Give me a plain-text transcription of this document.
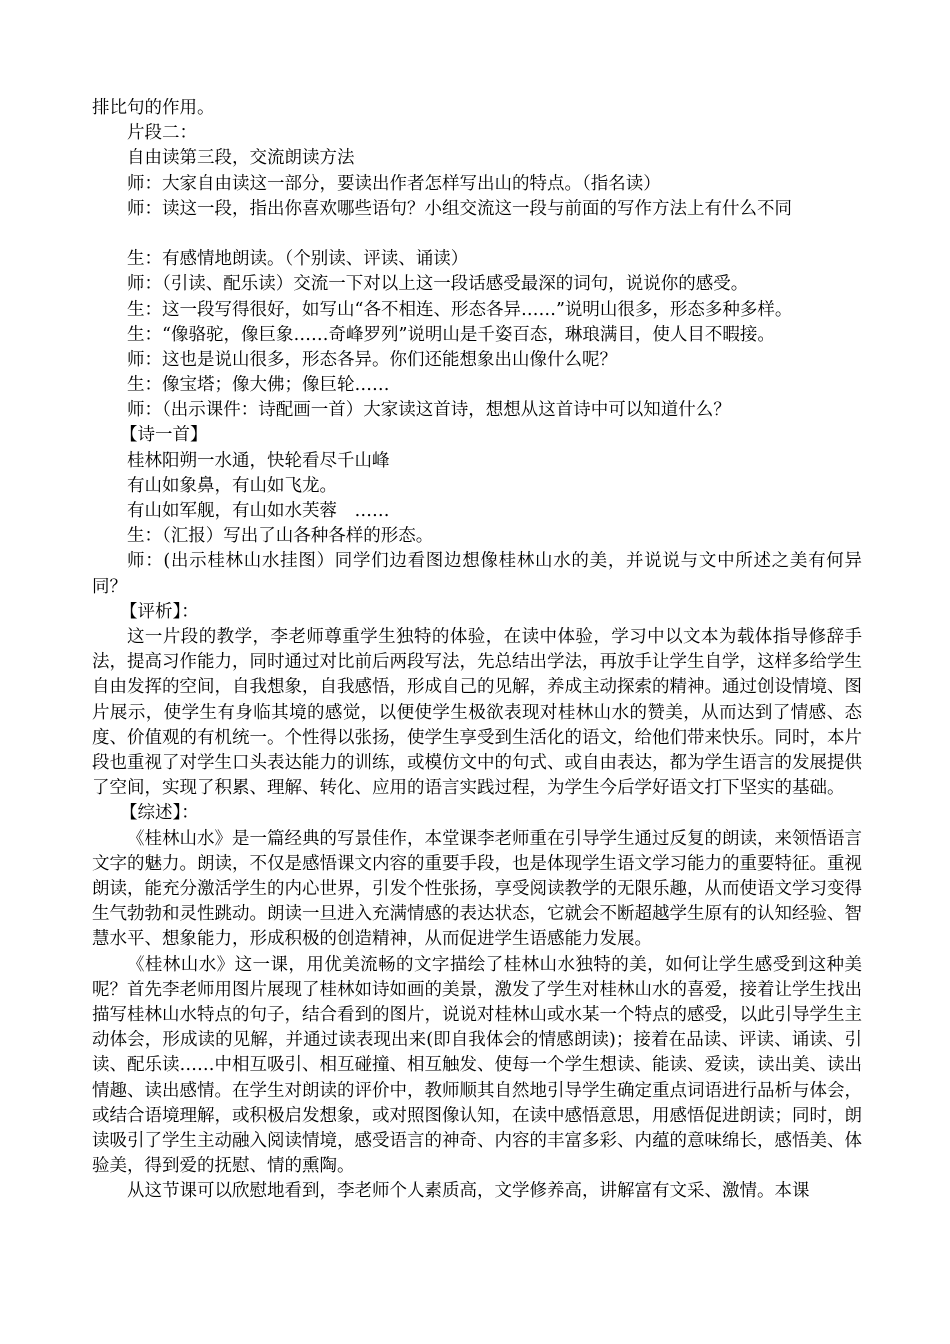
排比句的作用。
片段二：
自由读第三段，交流朗读方法
师：大家自由读这一部分，要读出作者怎样写出山的特点。（指名读）
师：读这一段，指出你喜欢哪些语句？小组交流这一段与前面的写作方法上有什么不同
生：有感情地朗读。（个别读、评读、诵读）
师：（引读、配乐读）交流一下对以上这一段话感受最深的词句，说说你的感受。
生：这一段写得很好，如写山“各不相连、形态各异……”说明山很多，形态多种多样。
生：“像骆驼，像巨象……奇峰罗列”说明山是千姿百态，琳琅满目，使人目不暇接。
师：这也是说山很多，形态各异。你们还能想象出山像什么呢？
生：像宝塔；像大佛；像巨轮……
师：（出示课件：诗配画一首）大家读这首诗，想想从这首诗中可以知道什么？
【诗一首】
桂林阳朔一水通，快轮看尽千山峰
有山如象鼻，有山如飞龙。
有山如军舰，有山如水芙蓉　……
生：（汇报）写出了山各种各样的形态。
师：(出示桂林山水挂图）同学们边看图边想像桂林山水的美，并说说与文中所述之美有何异同？
【评析】：
这一片段的教学，李老师尊重学生独特的体验，在读中体验，学习中以文本为载体指导修辞手法，提高习作能力，同时通过对比前后两段写法，先总结出学法，再放手让学生自学，这样多给学生自由发挥的空间，自我想象，自我感悟，形成自己的见解，养成主动探索的精神。通过创设情境、图片展示，使学生有身临其境的感觉，以便使学生极欲表现对桂林山水的赞美，从而达到了情感、态度、价值观的有机统一。个性得以张扬，使学生享受到生活化的语文，给他们带来快乐。同时，本片段也重视了对学生口头表达能力的训练，或模仿文中的句式、或自由表达，都为学生语言的发展提供了空间，实现了积累、理解、转化、应用的语言实践过程，为学生今后学好语文打下坚实的基础。
【综述】：
《桂林山水》是一篇经典的写景佳作，本堂课李老师重在引导学生通过反复的朗读，来领悟语言文字的魅力。朗读，不仅是感悟课文内容的重要手段，也是体现学生语文学习能力的重要特征。重视朗读，能充分激活学生的内心世界，引发个性张扬，享受阅读教学的无限乐趣，从而使语文学习变得生气勃勃和灵性跳动。朗读一旦进入充满情感的表达状态，它就会不断超越学生原有的认知经验、智慧水平、想象能力，形成积极的创造精神，从而促进学生语感能力发展。
《桂林山水》这一课，用优美流畅的文字描绘了桂林山水独特的美，如何让学生感受到这种美呢？首先李老师用图片展现了桂林如诗如画的美景，激发了学生对桂林山水的喜爱，接着让学生找出描写桂林山水特点的句子，结合看到的图片，说说对桂林山或水某一个特点的感受，以此引导学生主动体会，形成读的见解，并通过读表现出来(即自我体会的情感朗读)；接着在品读、评读、诵读、引读、配乐读……中相互吸引、相互碰撞、相互触发、使每一个学生想读、能读、爱读，读出美、读出情趣、读出感情。在学生对朗读的评价中，教师顺其自然地引导学生确定重点词语进行品析与体会，或结合语境理解，或积极启发想象，或对照图像认知，在读中感悟意思，用感悟促进朗读；同时，朗读吸引了学生主动融入阅读情境，感受语言的神奇、内容的丰富多彩、内蕴的意味绵长，感悟美、体验美，得到爱的抚慰、情的熏陶。
从这节课可以欣慰地看到，李老师个人素质高，文学修养高，讲解富有文采、激情。本课
